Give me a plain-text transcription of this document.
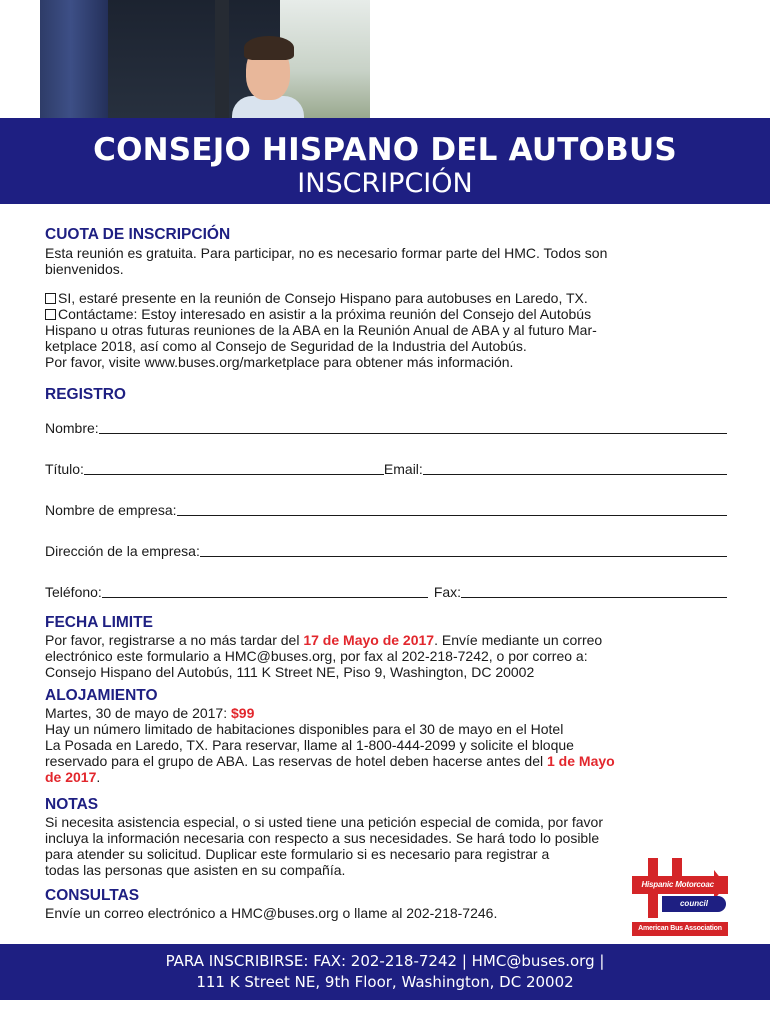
CONSEJO HISPANO DEL AUTOBUS
INSCRIPCIÓN
CUOTA DE INSCRIPCIÓN
Esta reunión es gratuita. Para participar, no es necesario formar parte del HMC. Todos son
bienvenidos.
SI, estaré presente en la reunión de Consejo Hispano para autobuses en Laredo, TX.
Contáctame: Estoy interesado en asistir a la próxima reunión del Consejo del Autobús
Hispano u otras futuras reuniones de la ABA en la Reunión Anual de ABA y al futuro Mar-
ketplace 2018, así como al Consejo de Seguridad de la Industria del Autobús.
Por favor, visite www.buses.org/marketplace para obtener más información.
REGISTRO
Nombre:
Título:	Email:
Nombre de empresa:
Dirección de la empresa:
Teléfono:	Fax:
FECHA LIMITE
Por favor, registrarse a no más tardar del 17 de Mayo de 2017. Envíe mediante un correo
electrónico este formulario a HMC@buses.org, por fax al 202-218-7242, o por correo a:
Consejo Hispano del Autobús, 111 K Street NE, Piso 9, Washington, DC 20002
ALOJAMIENTO
Martes, 30 de mayo de 2017: $99
Hay un número limitado de habitaciones disponibles para el 30 de mayo en el Hotel
La Posada en Laredo, TX. Para reservar, llame al 1-800-444-2099 y solicite el bloque
reservado para el grupo de ABA. Las reservas de hotel deben hacerse antes del 1 de Mayo
de 2017.
NOTAS
Si necesita asistencia especial, o si usted tiene una petición especial de comida, por favor
incluya la información necesaria con respecto a sus necesidades. Se hará todo lo posible
para atender su solicitud. Duplicar este formulario si es necesario para registrar a
todas las personas que asisten en su compañía.
CONSULTAS
Envíe un correo electrónico a HMC@buses.org o llame al 202-218-7246.
Hispanic Motorcoach
council
American Bus Association
PARA INSCRIBIRSE: FAX: 202-218-7242 | HMC@buses.org |
111 K Street NE, 9th Floor, Washington, DC 20002
